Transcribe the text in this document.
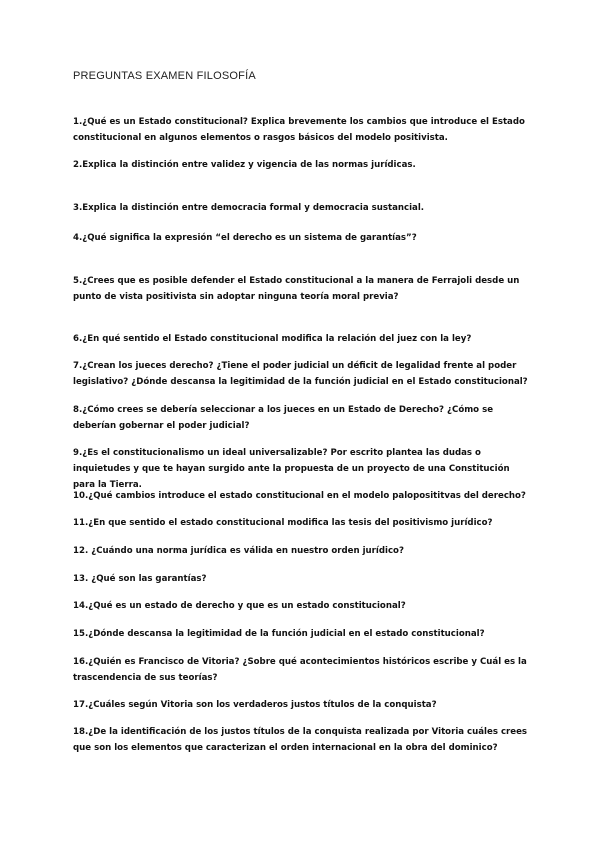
PREGUNTAS EXAMEN FILOSOFÍA
1.¿Qué es un Estado constitucional? Explica brevemente los cambios que introduce el Estado constitucional en algunos elementos o rasgos básicos del modelo positivista.
2.Explica la distinción entre validez y vigencia de las normas jurídicas.
3.Explica la distinción entre democracia formal y democracia sustancial.
4.¿Qué significa la expresión “el derecho es un sistema de garantías”?
5.¿Crees que es posible defender el Estado constitucional a la manera de Ferrajoli desde un punto de vista positivista sin adoptar ninguna teoría moral previa?
6.¿En qué sentido el Estado constitucional modifica la relación del juez con la ley?
7.¿Crean los jueces derecho? ¿Tiene el poder judicial un déficit de legalidad frente al poder legislativo? ¿Dónde descansa la legitimidad de la función judicial en el Estado constitucional?
8.¿Cómo crees se debería seleccionar a los jueces en un Estado de Derecho? ¿Cómo se deberían gobernar el poder judicial?
9.¿Es el constitucionalismo un ideal universalizable? Por escrito plantea las dudas o inquietudes y que te hayan surgido ante la propuesta de un proyecto de una Constitución para la Tierra.
10.¿Qué cambios introduce el estado constitucional en el modelo paloposititvas del derecho?
11.¿En que sentido el estado constitucional modifica las tesis del positivismo jurídico?
12. ¿Cuándo una norma jurídica es válida en nuestro orden jurídico?
13. ¿Qué son las garantías?
14.¿Qué es un estado de derecho y que es un estado constitucional?
15.¿Dónde descansa la legitimidad de la función judicial en el estado constitucional?
16.¿Quién es Francisco de Vitoria? ¿Sobre qué acontecimientos históricos escribe y Cuál es la trascendencia de sus teorías?
17.¿Cuáles según Vitoria son los verdaderos justos títulos de la conquista?
18.¿De la identificación de los justos títulos de la conquista realizada por Vitoria cuáles crees que son los elementos que caracterizan el orden internacional en la obra del dominico?
